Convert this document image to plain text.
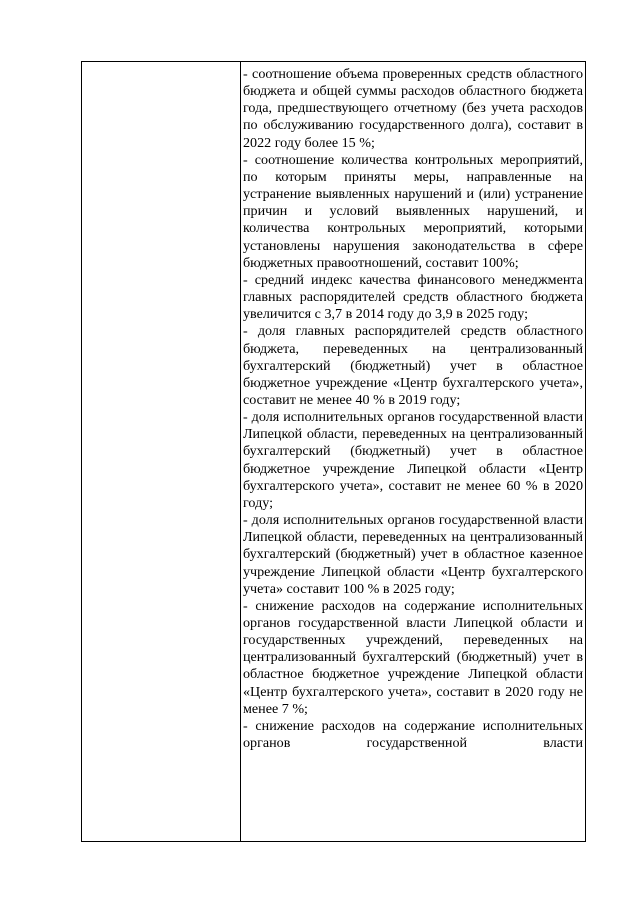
- соотношение объема проверенных средств областного бюджета и общей суммы расходов областного бюджета года, предшествующего отчетному (без учета расходов по обслуживанию государственного долга), составит в 2022 году более 15 %;

- соотношение количества контрольных мероприятий, по которым приняты меры, направленные на устранение выявленных нарушений и (или) устранение причин и условий выявленных нарушений, и количества контрольных мероприятий, которыми установлены нарушения законодательства в сфере бюджетных правоотношений, составит 100%;

- средний индекс качества финансового менеджмента главных распорядителей средств областного бюджета увеличится с 3,7 в 2014 году до 3,9 в 2025 году;

- доля главных распорядителей средств областного бюджета, переведенных на централизованный бухгалтерский (бюджетный) учет в областное бюджетное учреждение «Центр бухгалтерского учета», составит не менее 40 % в 2019 году;

- доля исполнительных органов государственной власти Липецкой области, переведенных на централизованный бухгалтерский (бюджетный) учет в областное бюджетное учреждение Липецкой области «Центр бухгалтерского учета», составит не менее 60 % в 2020 году;

- доля исполнительных органов государственной власти Липецкой области, переведенных на централизованный бухгалтерский (бюджетный) учет в областное казенное учреждение Липецкой области «Центр бухгалтерского учета» составит 100 % в 2025 году;

- снижение расходов на содержание исполнительных органов государственной власти Липецкой области и государственных учреждений, переведенных на централизованный бухгалтерский (бюджетный) учет в областное бюджетное учреждение Липецкой области «Центр бухгалтерского учета», составит в 2020 году не менее 7 %;

- снижение расходов на содержание исполнительных органов государственной власти
